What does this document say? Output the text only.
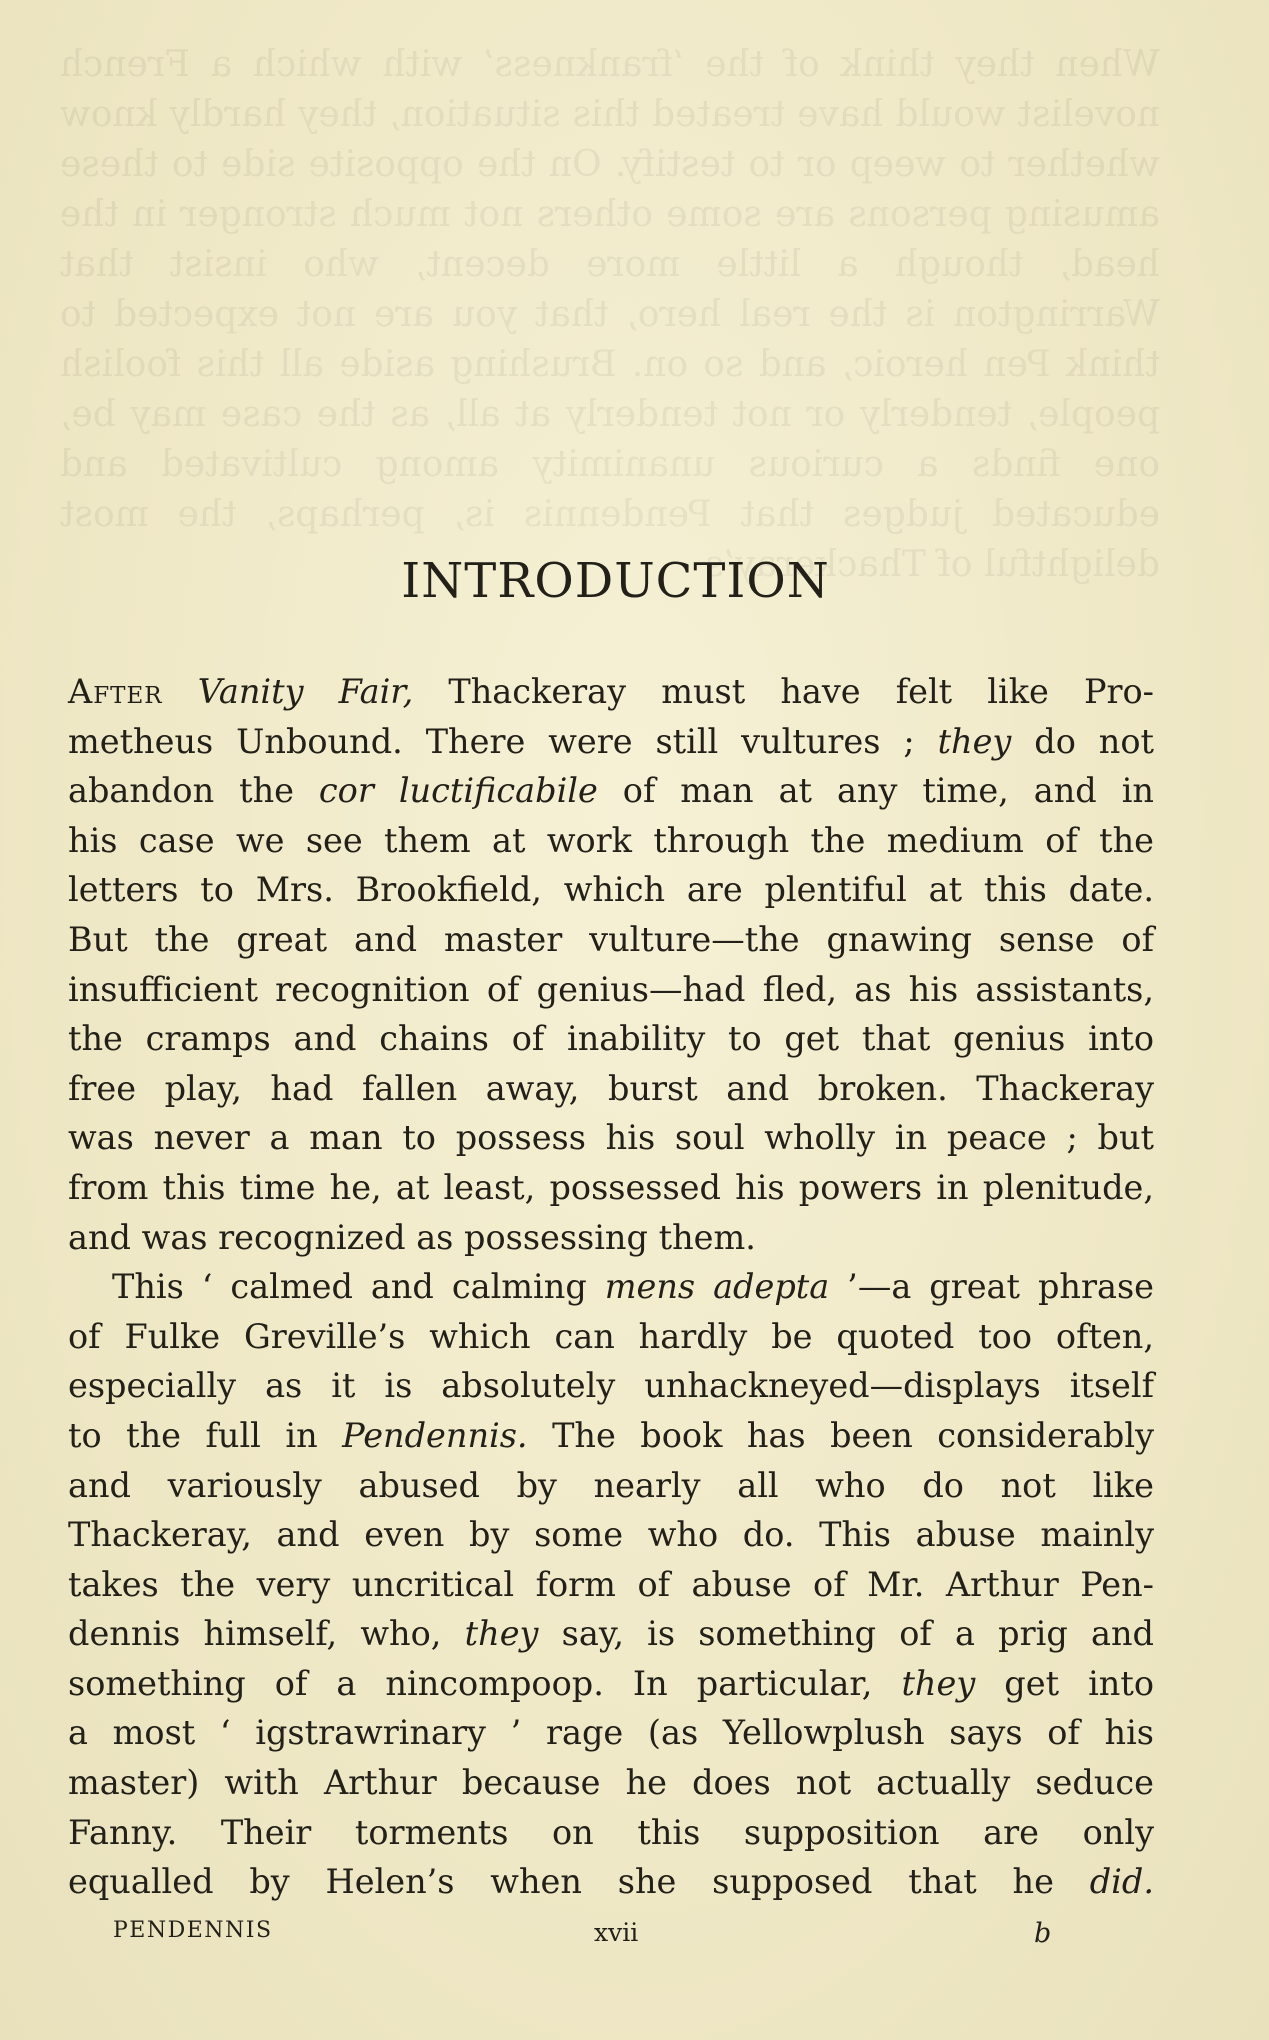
When they think of the ‘frankness’ with which a French novelist would have treated this situation, they hardly know whether to weep or to testify. On the opposite side to these amusing persons are some others not much stronger in the head, though a little more decent, who insist that Warrington is the real hero, that you are not expected to think Pen heroic, and so on. Brushing aside all this foolish people, tenderly or not tenderly at all, as the case may be, one finds a curious unanimity among cultivated and educated judges that Pendennis is, perhaps, the most delightful of Thackeray’s
INTRODUCTION
After Vanity Fair, Thackeray must have felt like Pro-
metheus Unbound. There were still vultures ; they do not
abandon the cor luctificabile of man at any time, and in
his case we see them at work through the medium of the
letters to Mrs. Brookfield, which are plentiful at this date.
But the great and master vulture—the gnawing sense of
insufficient recognition of genius—had fled, as his assistants,
the cramps and chains of inability to get that genius into
free play, had fallen away, burst and broken. Thackeray
was never a man to possess his soul wholly in peace ; but
from this time he, at least, possessed his powers in plenitude,
and was recognized as possessing them.
This ‘ calmed and calming mens adepta ’—a great phrase
of Fulke Greville’s which can hardly be quoted too often,
especially as it is absolutely unhackneyed—displays itself
to the full in Pendennis. The book has been considerably
and variously abused by nearly all who do not like
Thackeray, and even by some who do. This abuse mainly
takes the very uncritical form of abuse of Mr. Arthur Pen-
dennis himself, who, they say, is something of a prig and
something of a nincompoop. In particular, they get into
a most ‘ igstrawrinary ’ rage (as Yellowplush says of his
master) with Arthur because he does not actually seduce
Fanny. Their torments on this supposition are only
equalled by Helen’s when she supposed that he did.
PENDENNIS	xvii	b
